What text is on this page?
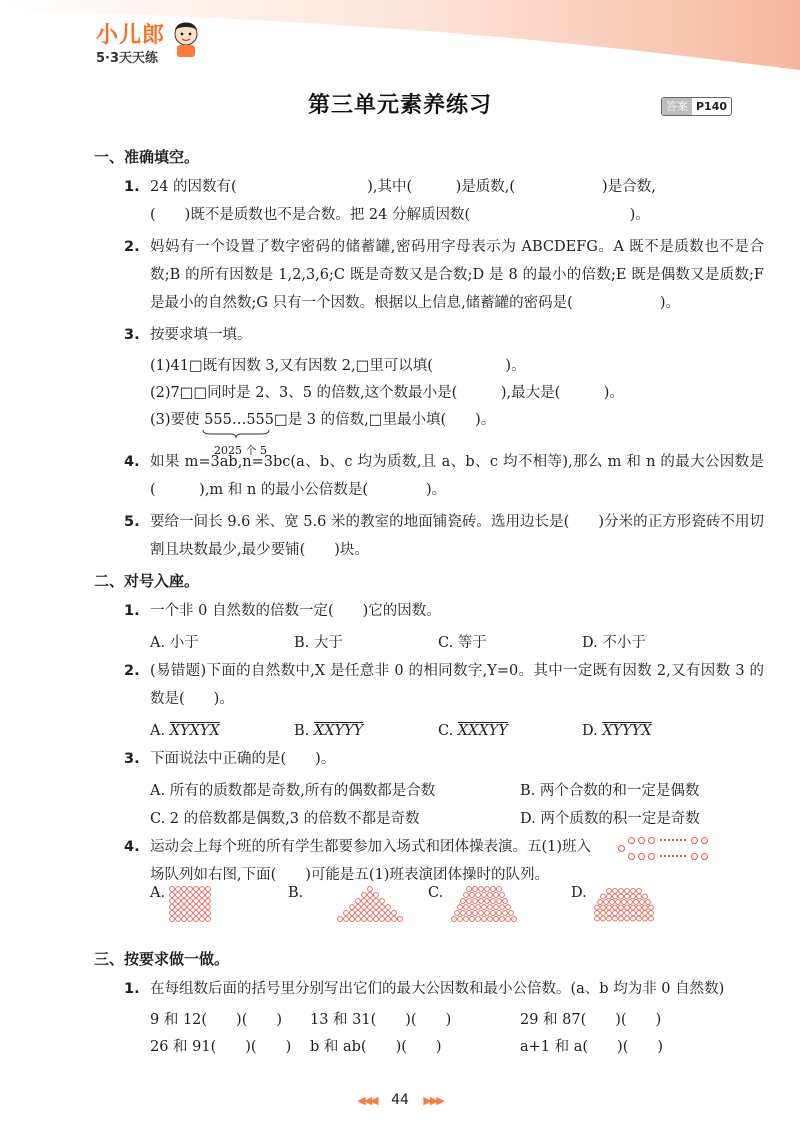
小儿郎
5·3天天练
第三单元素养练习	答案 P140
一、准确填空。
1. 24 的因数有(　　　　　　　　　),其中(　　　)是质数,(　　　　　　)是合数,
(　　)既不是质数也不是合数。把 24 分解质因数(　　　　　　　　　　　)。
2. 妈妈有一个设置了数字密码的储蓄罐,密码用字母表示为 ABCDEFG。A 既不是质数也不是合数;B 的所有因数是 1,2,3,6;C 既是奇数又是合数;D 是 8 的最小的倍数;E 既是偶数又是质数;F 是最小的自然数;G 只有一个因数。根据以上信息,储蓄罐的密码是(　　　　　　)。
3. 按要求填一填。
(1)41□既有因数 3,又有因数 2,□里可以填(　　　　　)。
(2)7□□同时是 2、3、5 的倍数,这个数最小是(　　　),最大是(　　　)。
(3)要使 555…555□是 3 的倍数,□里最小填(　　)。
2025 个 5
4. 如果 m=3ab,n=3bc(a、b、c 均为质数,且 a、b、c 均不相等),那么 m 和 n 的最大公因数是(　　　),m 和 n 的最小公倍数是(　　　　)。
5. 要给一间长 9.6 米、宽 5.6 米的教室的地面铺瓷砖。选用边长是(　　)分米的正方形瓷砖不用切割且块数最少,最少要铺(　　)块。
二、对号入座。
1. 一个非 0 自然数的倍数一定(　　)它的因数。
A. 小于	B. 大于	C. 等于	D. 不小于
2. (易错题)下面的自然数中,X 是任意非 0 的相同数字,Y=0。其中一定既有因数 2,又有因数 3 的数是(　　)。
A. XYXYX	B. XXYYY	C. XXXYY	D. XYYYX
3. 下面说法中正确的是(　　)。
A. 所有的质数都是奇数,所有的偶数都是合数	B. 两个合数的和一定是偶数
C. 2 的倍数都是偶数,3 的倍数不都是奇数	D. 两个质数的积一定是奇数
4. 运动会上每个班的所有学生都要参加入场式和团体操表演。五(1)班入
场队列如右图,下面(　　)可能是五(1)班表演团体操时的队列。
A.	B.	C.	D.
三、按要求做一做。
1. 在每组数后面的括号里分别写出它们的最大公因数和最小公倍数。(a、b 均为非 0 自然数)
9 和 12(　　)(　　)	13 和 31(　　)(　　)	29 和 87(　　)(　　)
26 和 91(　　)(　　)	b 和 ab(　　)(　　)	a+1 和 a(　　)(　　)
◀◀◀ 44 ▶▶▶
